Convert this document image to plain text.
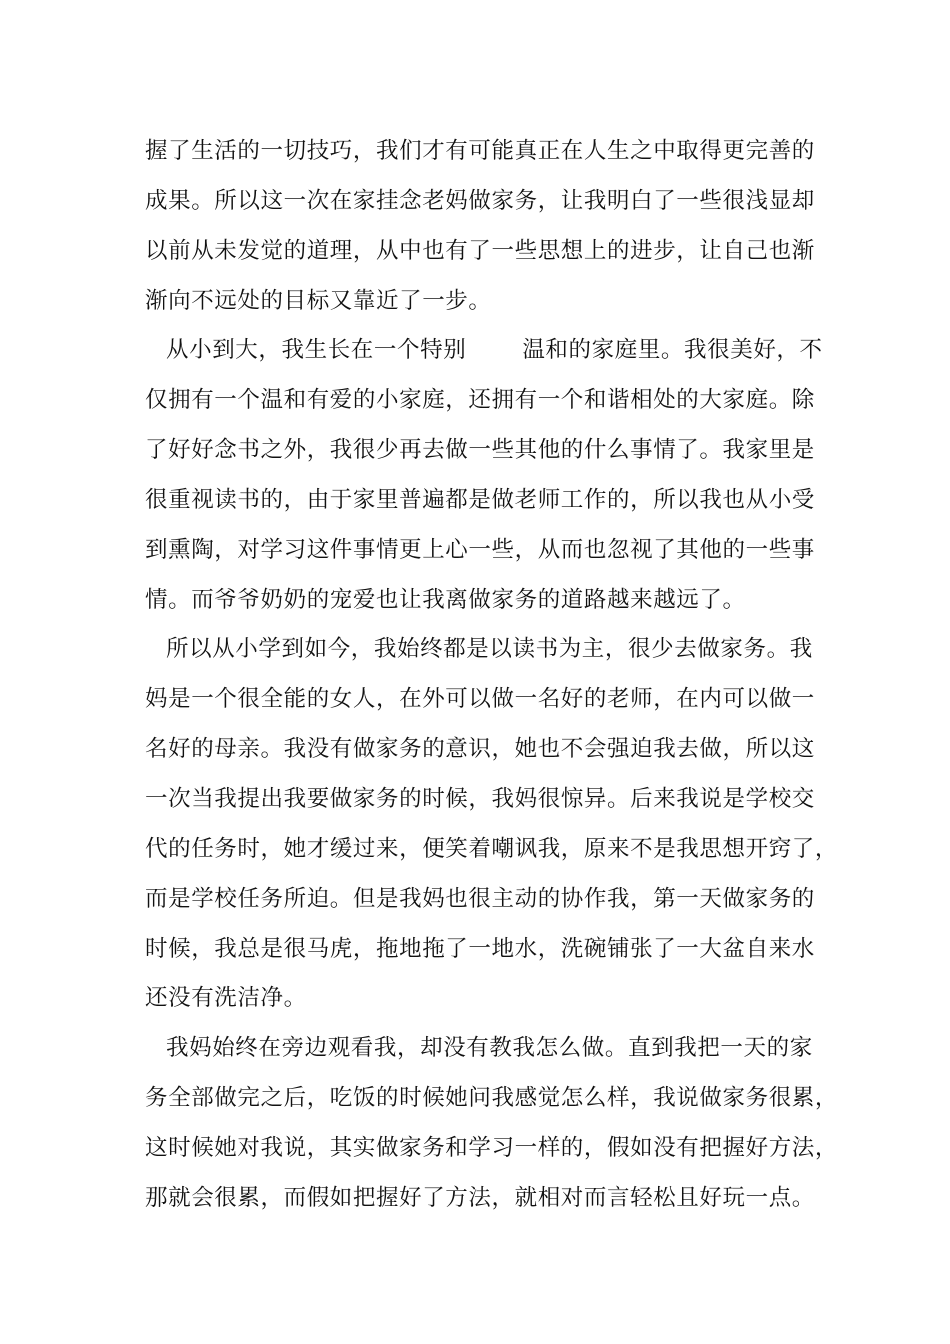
握了生活的一切技巧，我们才有可能真正在人生之中取得更完善的
成果。所以这一次在家挂念老妈做家务，让我明白了一些很浅显却
以前从未发觉的道理，从中也有了一些思想上的进步，让自己也渐
渐向不远处的目标又靠近了一步。
从小到大，我生长在一个特别 温和的家庭里。我很美好，不
仅拥有一个温和有爱的小家庭，还拥有一个和谐相处的大家庭。除
了好好念书之外，我很少再去做一些其他的什么事情了。我家里是
很重视读书的，由于家里普遍都是做老师工作的，所以我也从小受
到熏陶，对学习这件事情更上心一些，从而也忽视了其他的一些事
情。而爷爷奶奶的宠爱也让我离做家务的道路越来越远了。
所以从小学到如今，我始终都是以读书为主，很少去做家务。我
妈是一个很全能的女人，在外可以做一名好的老师，在内可以做一
名好的母亲。我没有做家务的意识，她也不会强迫我去做，所以这
一次当我提出我要做家务的时候，我妈很惊异。后来我说是学校交
代的任务时，她才缓过来，便笑着嘲讽我，原来不是我思想开窍了，
而是学校任务所迫。但是我妈也很主动的协作我，第一天做家务的
时候，我总是很马虎，拖地拖了一地水，洗碗铺张了一大盆自来水
还没有洗洁净。
我妈始终在旁边观看我，却没有教我怎么做。直到我把一天的家
务全部做完之后，吃饭的时候她问我感觉怎么样，我说做家务很累，
这时候她对我说，其实做家务和学习一样的，假如没有把握好方法，
那就会很累，而假如把握好了方法，就相对而言轻松且好玩一点。
